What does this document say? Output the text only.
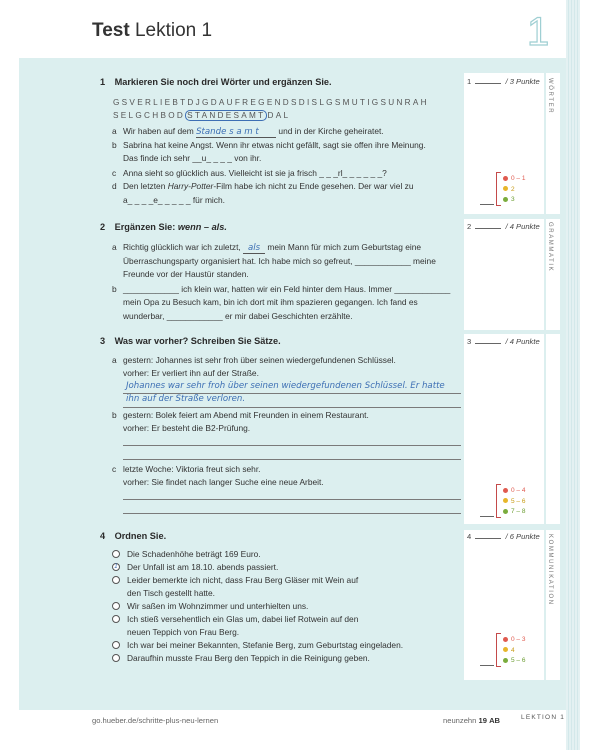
Test Lektion 1	1
1 Markieren Sie noch drei Wörter und ergänzen Sie.
GSVERLIEBTDJGDAUFREGENDSDISLGSMUTIGSUNRAH
SELGCHBOD STANDESAMT DAL
a Wir haben auf dem Stande s a m t und in der Kirche geheiratet.
b Sabrina hat keine Angst. Wenn ihr etwas nicht gefällt, sagt sie offen ihre Meinung.
Das finde ich sehr __u_ _ _ _ von ihr.
c Anna sieht so glücklich aus. Vielleicht ist sie ja frisch _ _ _rl_ _ _ _ _ _?
d Den letzten Harry-Potter-Film habe ich nicht zu Ende gesehen. Der war viel zu
a_ _ _ _e_ _ _ _ _ für mich.
2 Ergänzen Sie: wenn – als.
a Richtig glücklich war ich zuletzt, als mein Mann für mich zum Geburtstag eine
Überraschungsparty organisiert hat. Ich habe mich so gefreut, ____________ meine
Freunde vor der Haustür standen.
b ____________ ich klein war, hatten wir ein Feld hinter dem Haus. Immer ____________
mein Opa zu Besuch kam, bin ich dort mit ihm spazieren gegangen. Ich fand es
wunderbar, ____________ er mir dabei Geschichten erzählte.
3 Was war vorher? Schreiben Sie Sätze.
a gestern: Johannes ist sehr froh über seinen wiedergefundenen Schlüssel.
vorher: Er verliert ihn auf der Straße.
Johannes war sehr froh über seinen wiedergefundenen Schlüssel. Er hatte
ihn auf der Straße verloren.
b gestern: Bolek feiert am Abend mit Freunden in einem Restaurant.
vorher: Er besteht die B2-Prüfung.
c letzte Woche: Viktoria freut sich sehr.
vorher: Sie findet nach langer Suche eine neue Arbeit.
4 Ordnen Sie.
Die Schadenhöhe beträgt 169 Euro.
1 Der Unfall ist am 18.10. abends passiert.
Leider bemerkte ich nicht, dass Frau Berg Gläser mit Wein auf
den Tisch gestellt hatte.
Wir saßen im Wohnzimmer und unterhielten uns.
Ich stieß versehentlich ein Glas um, dabei lief Rotwein auf den
neuen Teppich von Frau Berg.
Ich war bei meiner Bekannten, Stefanie Berg, zum Geburtstag eingeladen.
Daraufhin musste Frau Berg den Teppich in die Reinigung geben.
1	/ 3 Punkte WÖRTER
2	/ 4 Punkte GRAMMATIK
3	/ 4 Punkte
4	/ 6 Punkte KOMMUNIKATION
0 – 1
2
3
0 – 4
5 – 6
7 – 8
0 – 3
4
5 – 6
go.hueber.de/schritte-plus-neu-lernen	neunzehn 19 AB	LEKTION 1
